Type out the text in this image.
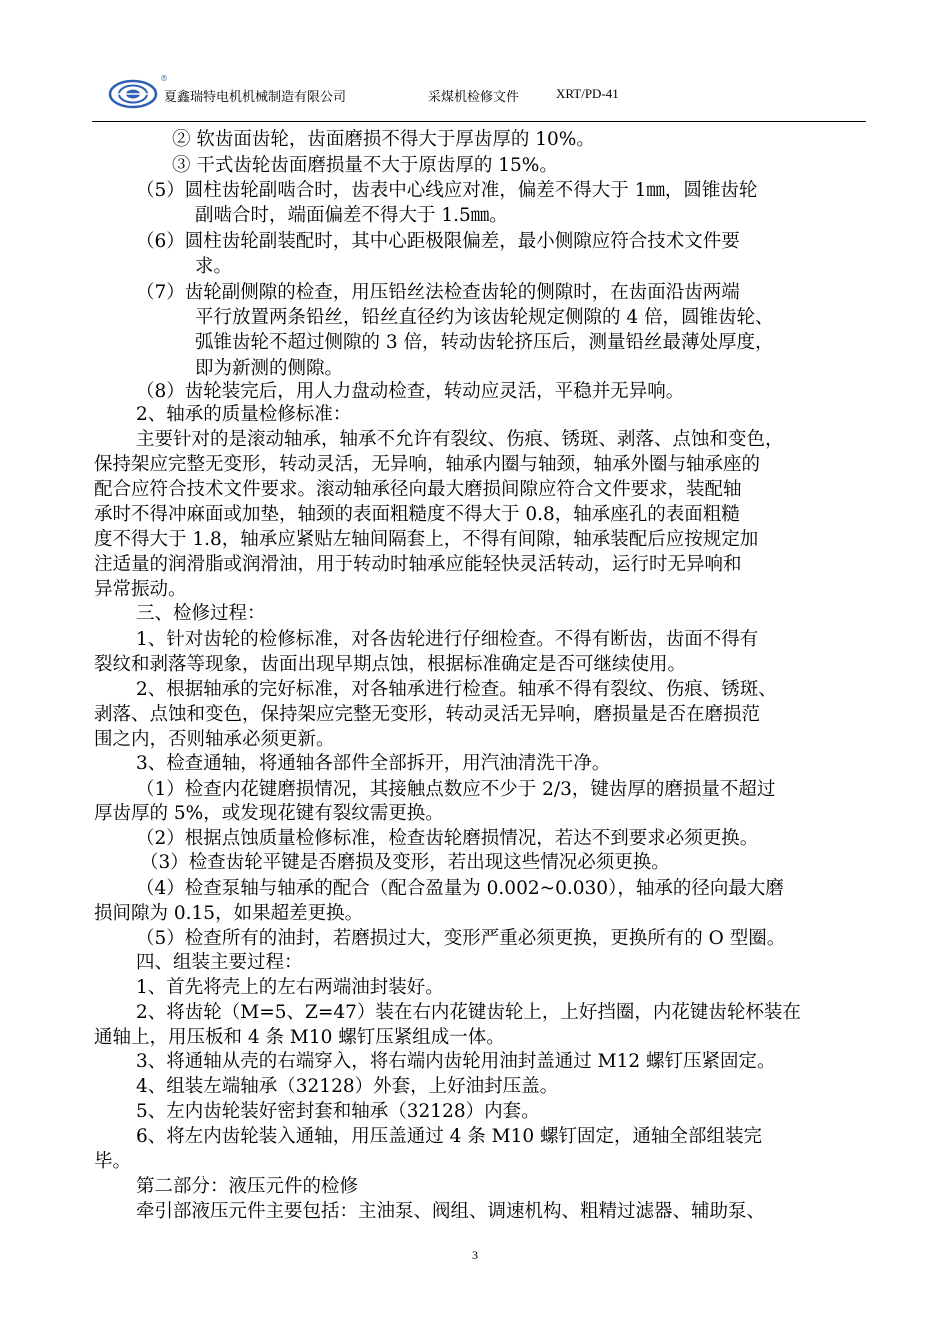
®
夏鑫瑞特电机机械制造有限公司	采煤机检修文件	XRT/PD-41
② 软齿面齿轮，齿面磨损不得大于厚齿厚的 10%。
③ 干式齿轮齿面磨损量不大于原齿厚的 15%。
（5）圆柱齿轮副啮合时，齿表中心线应对准，偏差不得大于 1㎜，圆锥齿轮
副啮合时，端面偏差不得大于 1.5㎜。
（6）圆柱齿轮副装配时，其中心距极限偏差，最小侧隙应符合技术文件要
求。
（7）齿轮副侧隙的检查，用压铅丝法检查齿轮的侧隙时，在齿面沿齿两端
平行放置两条铅丝，铅丝直径约为该齿轮规定侧隙的 4 倍，圆锥齿轮、
弧锥齿轮不超过侧隙的 3 倍，转动齿轮挤压后，测量铅丝最薄处厚度，
即为新测的侧隙。
（8）齿轮装完后，用人力盘动检查，转动应灵活，平稳并无异响。
2、轴承的质量检修标准：
主要针对的是滚动轴承，轴承不允许有裂纹、伤痕、锈斑、剥落、点蚀和变色，
保持架应完整无变形，转动灵活，无异响，轴承内圈与轴颈，轴承外圈与轴承座的
配合应符合技术文件要求。滚动轴承径向最大磨损间隙应符合文件要求，装配轴
承时不得冲麻面或加垫，轴颈的表面粗糙度不得大于 0.8，轴承座孔的表面粗糙
度不得大于 1.8，轴承应紧贴左轴间隔套上，不得有间隙，轴承装配后应按规定加
注适量的润滑脂或润滑油，用于转动时轴承应能轻快灵活转动，运行时无异响和
异常振动。
三、检修过程：
1、针对齿轮的检修标准，对各齿轮进行仔细检查。不得有断齿，齿面不得有
裂纹和剥落等现象，齿面出现早期点蚀，根据标准确定是否可继续使用。
2、根据轴承的完好标准，对各轴承进行检查。轴承不得有裂纹、伤痕、锈斑、
剥落、点蚀和变色，保持架应完整无变形，转动灵活无异响，磨损量是否在磨损范
围之内，否则轴承必须更新。
3、检查通轴，将通轴各部件全部拆开，用汽油清洗干净。
（1）检查内花键磨损情况，其接触点数应不少于 2/3，键齿厚的磨损量不超过
厚齿厚的 5%，或发现花键有裂纹需更换。
（2）根据点蚀质量检修标准，检查齿轮磨损情况，若达不到要求必须更换。
（3）检查齿轮平键是否磨损及变形，若出现这些情况必须更换。
（4）检查泵轴与轴承的配合（配合盈量为 0.002~0.030），轴承的径向最大磨
损间隙为 0.15，如果超差更换。
（5）检查所有的油封，若磨损过大，变形严重必须更换，更换所有的 O 型圈。
四、组装主要过程：
1、首先将壳上的左右两端油封装好。
2、将齿轮（M=5、Z=47）装在右内花键齿轮上，上好挡圈，内花键齿轮杯装在
通轴上，用压板和 4 条 M10 螺钉压紧组成一体。
3、将通轴从壳的右端穿入，将右端内齿轮用油封盖通过 M12 螺钉压紧固定。
4、组装左端轴承（32128）外套，上好油封压盖。
5、左内齿轮装好密封套和轴承（32128）内套。
6、将左内齿轮装入通轴，用压盖通过 4 条 M10 螺钉固定，通轴全部组装完
毕。
第二部分：液压元件的检修
牵引部液压元件主要包括：主油泵、阀组、调速机构、粗精过滤器、辅助泵、
3
